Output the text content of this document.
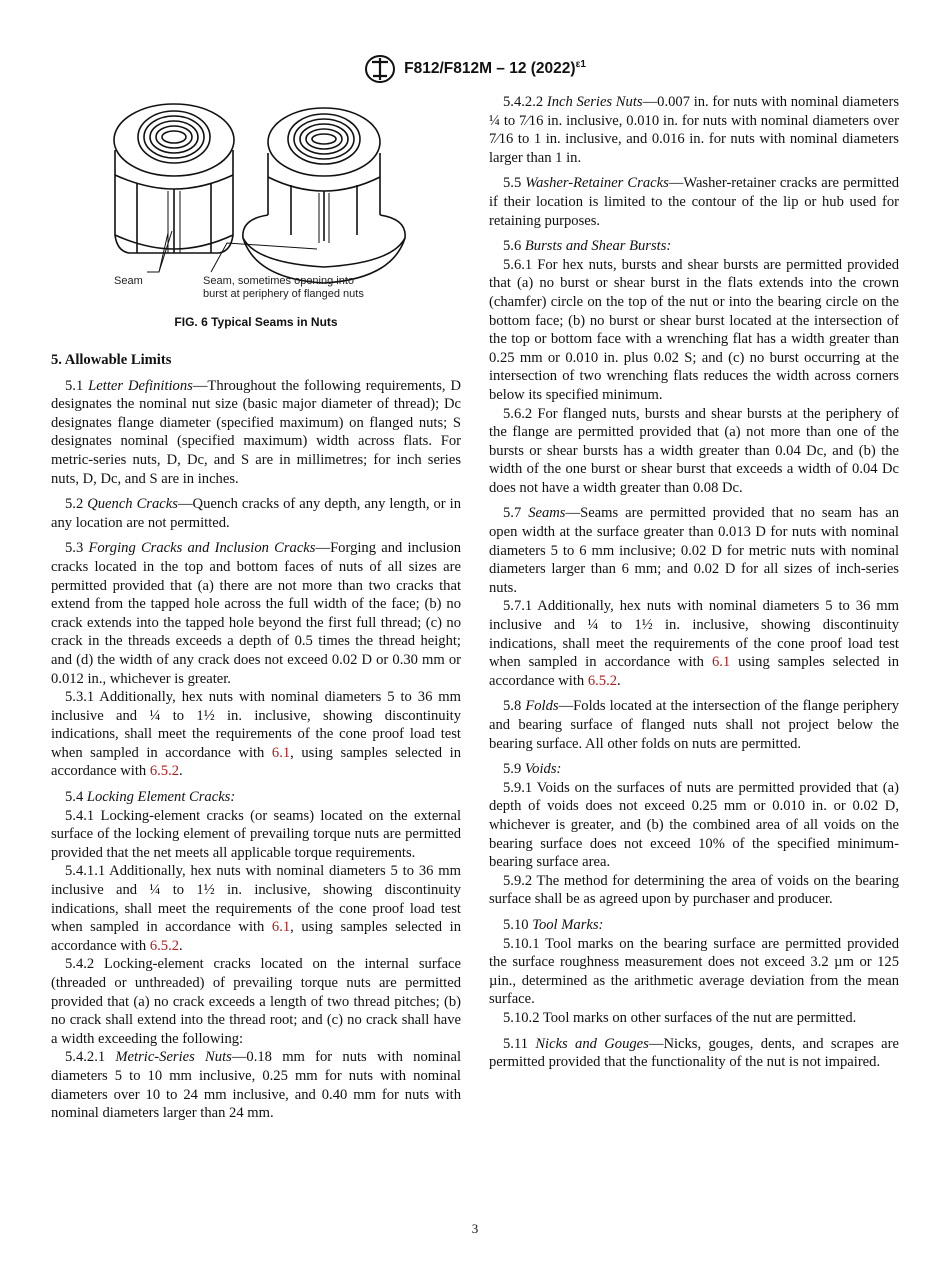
F812/F812M – 12 $(2022)^{\varepsilon 1}$
Seam	Seam, sometimes opening into
burst at periphery of flanged nuts
FIG. 6 Typical Seams in Nuts
5. Allowable Limits

5.1 Letter Definitions—Throughout the following requirements, D designates the nominal nut size (basic major diameter of thread); Dc designates flange diameter (specified maximum) on flanged nuts; S designates nominal (specified maximum) width across flats. For metric-series nuts, D, Dc, and S are in millimetres; for inch series nuts, D, Dc, and S are in inches.

5.2 Quench Cracks—Quench cracks of any depth, any length, or in any location are not permitted.

5.3 Forging Cracks and Inclusion Cracks—Forging and inclusion cracks located in the top and bottom faces of nuts of all sizes are permitted provided that (a) there are not more than two cracks that extend from the tapped hole across the full width of the face; (b) no crack extends into the tapped hole beyond the first full thread; (c) no crack in the threads exceeds a depth of 0.5 times the thread height; and (d) the width of any crack does not exceed 0.02 D or 0.30 mm or 0.012 in., whichever is greater.

5.3.1 Additionally, hex nuts with nominal diameters 5 to 36 mm inclusive and ¼ to 1½ in. inclusive, showing discontinuity indications, shall meet the requirements of the cone proof load test when sampled in accordance with 6.1, using samples selected in accordance with 6.5.2.

5.4 Locking Element Cracks:

5.4.1 Locking-element cracks (or seams) located on the external surface of the locking element of prevailing torque nuts are permitted provided that the net meets all applicable torque requirements.

5.4.1.1 Additionally, hex nuts with nominal diameters 5 to 36 mm inclusive and ¼ to 1½ in. inclusive, showing discontinuity indications, shall meet the requirements of the cone proof load test when sampled in accordance with 6.1, using samples selected in accordance with 6.5.2.

5.4.2 Locking-element cracks located on the internal surface (threaded or unthreaded) of prevailing torque nuts are permitted provided that (a) no crack exceeds a length of two thread pitches; (b) no crack shall extend into the thread root; and (c) no crack shall have a width exceeding the following:

5.4.2.1 Metric-Series Nuts—0.18 mm for nuts with nominal diameters 5 to 10 mm inclusive, 0.25 mm for nuts with nominal diameters over 10 to 24 mm inclusive, and 0.40 mm for nuts with nominal diameters larger than 24 mm.

5.4.2.2 Inch Series Nuts—0.007 in. for nuts with nominal diameters ¼ to 7⁄16 in. inclusive, 0.010 in. for nuts with nominal diameters over 7⁄16 to 1 in. inclusive, and 0.016 in. for nuts with nominal diameters larger than 1 in.

5.5 Washer-Retainer Cracks—Washer-retainer cracks are permitted if their location is limited to the contour of the lip or hub used for retaining purposes.

5.6 Bursts and Shear Bursts:

5.6.1 For hex nuts, bursts and shear bursts are permitted provided that (a) no burst or shear burst in the flats extends into the crown (chamfer) circle on the top of the nut or into the bearing circle on the bottom face; (b) no burst or shear burst located at the intersection of the top or bottom face with a wrenching flat has a width greater than 0.25 mm or 0.010 in. plus 0.02 S; and (c) no burst occurring at the intersection of two wrenching flats reduces the width across corners below its specified minimum.

5.6.2 For flanged nuts, bursts and shear bursts at the periphery of the flange are permitted provided that (a) not more than one of the bursts or shear bursts has a width greater than 0.04 Dc, and (b) the width of the one burst or shear burst that exceeds a width of 0.04 Dc does not have a width greater than 0.08 Dc.

5.7 Seams—Seams are permitted provided that no seam has an open width at the surface greater than 0.013 D for nuts with nominal diameters 5 to 6 mm inclusive; 0.02 D for metric nuts with nominal diameters larger than 6 mm; and 0.02 D for all sizes of inch-series nuts.

5.7.1 Additionally, hex nuts with nominal diameters 5 to 36 mm inclusive and ¼ to 1½ in. inclusive, showing discontinuity indications, shall meet the requirements of the cone proof load test when sampled in accordance with 6.1 using samples selected in accordance with 6.5.2.

5.8 Folds—Folds located at the intersection of the flange periphery and bearing surface of flanged nuts shall not project below the bearing surface. All other folds on nuts are permitted.

5.9 Voids:

5.9.1 Voids on the surfaces of nuts are permitted provided that (a) depth of voids does not exceed 0.25 mm or 0.010 in. or 0.02 D, whichever is greater, and (b) the combined area of all voids on the bearing surface does not exceed 10% of the specified minimum-bearing surface area.

5.9.2 The method for determining the area of voids on the bearing surface shall be as agreed upon by purchaser and producer.

5.10 Tool Marks:

5.10.1 Tool marks on the bearing surface are permitted provided the surface roughness measurement does not exceed 3.2 µm or 125 µin., determined as the arithmetic average deviation from the mean surface.

5.10.2 Tool marks on other surfaces of the nut are permitted.

5.11 Nicks and Gouges—Nicks, gouges, dents, and scrapes are permitted provided that the functionality of the nut is not impaired.

3
